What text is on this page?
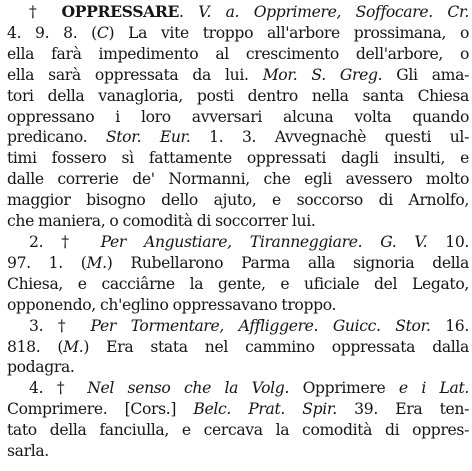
† OPPRESSARE. V. a. Opprimere, Soffocare. Cr.
4. 9. 8. (C) La vite troppo all'arbore prossimana, o
ella farà impedimento al crescimento dell'arbore, o
ella sarà oppressata da lui. Mor. S. Greg. Gli ama-
tori della vanagloria, posti dentro nella santa Chiesa
oppressano i loro avversari alcuna volta quando
predicano. Stor. Eur. 1. 3. Avvegnachè questi ul-
timi fossero sì fattamente oppressati dagli insulti, e
dalle correrie de' Normanni, che egli avessero molto
maggior bisogno dello ajuto, e soccorso di Arnolfo,
che maniera, o comodità di soccorrer lui.
2. † Per Angustiare, Tiranneggiare. G. V. 10.
97. 1. (M.) Rubellarono Parma alla signoria della
Chiesa, e cacciârne la gente, e uficiale del Legato,
opponendo, ch'eglino oppressavano troppo.
3. † Per Tormentare, Affliggere. Guicc. Stor. 16.
818. (M.) Era stata nel cammino oppressata dalla
podagra.
4. † Nel senso che la Volg. Opprimere e i Lat.
Comprimere. [Cors.] Belc. Prat. Spir. 39. Era ten-
tato della fanciulla, e cercava la comodità di oppres-
sarla.
